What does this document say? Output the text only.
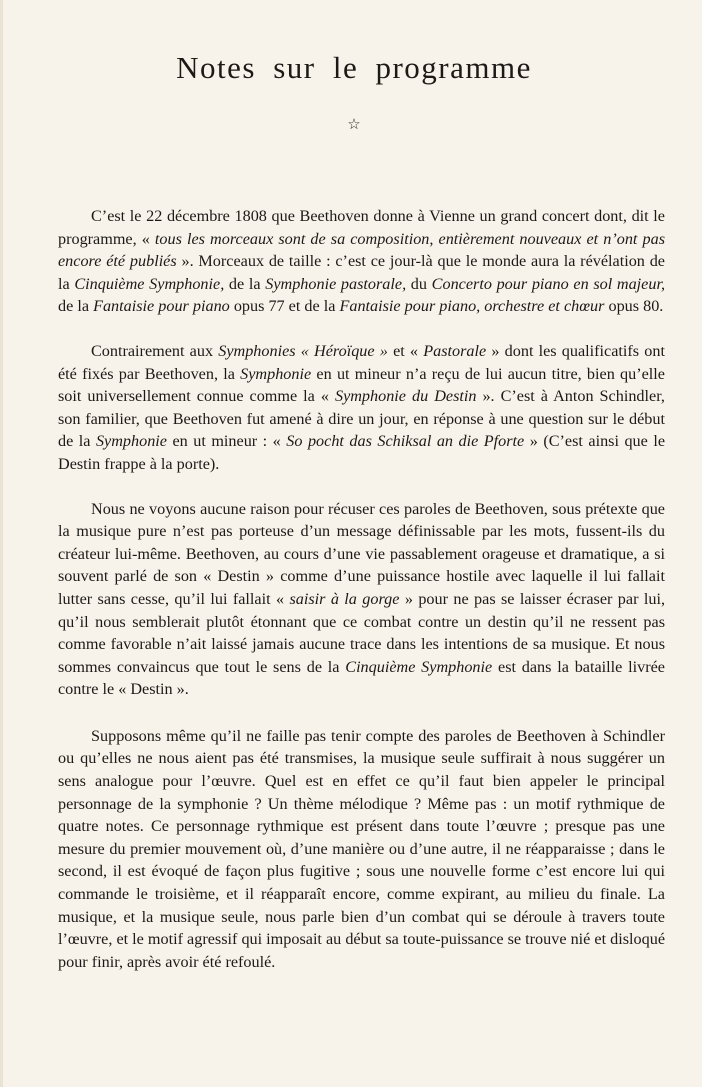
Notes sur le programme
☆

C’est le 22 décembre 1808 que Beethoven donne à Vienne un grand concert dont, dit le programme, « tous les morceaux sont de sa composition, entièrement nouveaux et n’ont pas encore été publiés ». Morceaux de taille : c’est ce jour-là que le monde aura la révélation de la Cinquième Symphonie, de la Symphonie pastorale, du Concerto pour piano en sol majeur, de la Fantaisie pour piano opus 77 et de la Fantaisie pour piano, orchestre et chœur opus 80.

Contrairement aux Symphonies « Héroïque » et « Pastorale » dont les qualificatifs ont été fixés par Beethoven, la Symphonie en ut mineur n’a reçu de lui aucun titre, bien qu’elle soit universellement connue comme la « Symphonie du Destin ». C’est à Anton Schindler, son familier, que Beethoven fut amené à dire un jour, en réponse à une question sur le début de la Symphonie en ut mineur : « So pocht das Schiksal an die Pforte » (C’est ainsi que le Destin frappe à la porte).

Nous ne voyons aucune raison pour récuser ces paroles de Beethoven, sous prétexte que la musique pure n’est pas porteuse d’un message définissable par les mots, fussent-ils du créateur lui-même. Beethoven, au cours d’une vie passablement orageuse et dramatique, a si souvent parlé de son « Destin » comme d’une puissance hostile avec laquelle il lui fallait lutter sans cesse, qu’il lui fallait « saisir à la gorge » pour ne pas se laisser écraser par lui, qu’il nous semblerait plutôt étonnant que ce combat contre un destin qu’il ne ressent pas comme favorable n’ait laissé jamais aucune trace dans les intentions de sa musique. Et nous sommes convaincus que tout le sens de la Cinquième Symphonie est dans la bataille livrée contre le « Destin ».

Supposons même qu’il ne faille pas tenir compte des paroles de Beethoven à Schindler ou qu’elles ne nous aient pas été transmises, la musique seule suffirait à nous suggérer un sens analogue pour l’œuvre. Quel est en effet ce qu’il faut bien appeler le principal personnage de la symphonie ? Un thème mélodique ? Même pas : un motif rythmique de quatre notes. Ce personnage rythmique est présent dans toute l’œuvre ; presque pas une mesure du premier mouvement où, d’une manière ou d’une autre, il ne réapparaisse ; dans le second, il est évoqué de façon plus fugitive ; sous une nouvelle forme c’est encore lui qui commande le troisième, et il réapparaît encore, comme expirant, au milieu du finale. La musique, et la musique seule, nous parle bien d’un combat qui se déroule à travers toute l’œuvre, et le motif agressif qui imposait au début sa toute-puissance se trouve nié et disloqué pour finir, après avoir été refoulé.
